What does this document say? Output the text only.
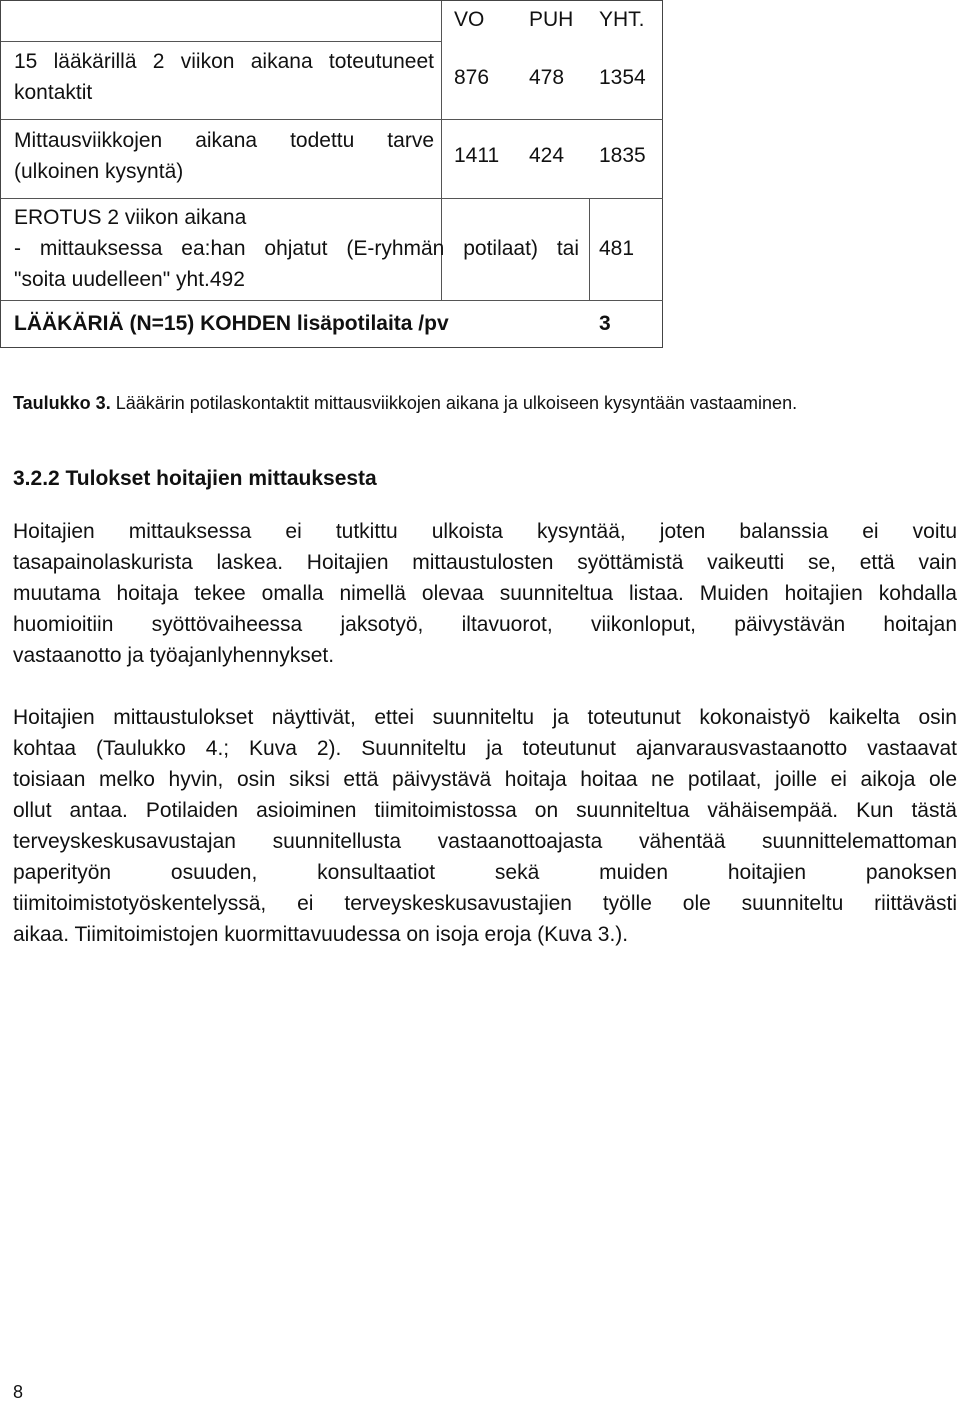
VO PUH YHT.
15 lääkärillä 2 viikon aikana toteutuneet
kontaktit
876 478 1354
Mittausviikkojen aikana todettu tarve
(ulkoinen kysyntä)
1411 424 1835
EROTUS 2 viikon aikana
- mittauksessa ea:han ohjatut (E-ryhmän potilaat) tai
"soita uudelleen" yht.492
481
LÄÄKÄRIÄ (N=15) KOHDEN lisäpotilaita /pv	3
Taulukko 3. Lääkärin potilaskontaktit mittausviikkojen aikana ja ulkoiseen kysyntään vastaaminen.
3.2.2 Tulokset hoitajien mittauksesta
Hoitajien mittauksessa ei tutkittu ulkoista kysyntää, joten balanssia ei voitu
tasapainolaskurista laskea. Hoitajien mittaustulosten syöttämistä vaikeutti se, että vain
muutama hoitaja tekee omalla nimellä olevaa suunniteltua listaa. Muiden hoitajien kohdalla
huomioitiin syöttövaiheessa jaksotyö, iltavuorot, viikonloput, päivystävän hoitajan
vastaanotto ja työajanlyhennykset.
Hoitajien mittaustulokset näyttivät, ettei suunniteltu ja toteutunut kokonaistyö kaikelta osin
kohtaa (Taulukko 4.; Kuva 2). Suunniteltu ja toteutunut ajanvarausvastaanotto vastaavat
toisiaan melko hyvin, osin siksi että päivystävä hoitaja hoitaa ne potilaat, joille ei aikoja ole
ollut antaa. Potilaiden asioiminen tiimitoimistossa on suunniteltua vähäisempää. Kun tästä
terveyskeskusavustajan suunnitellusta vastaanottoajasta vähentää suunnittelemattoman
paperityön osuuden, konsultaatiot sekä muiden hoitajien panoksen
tiimitoimistotyöskentelyssä, ei terveyskeskusavustajien työlle ole suunniteltu riittävästi
aikaa. Tiimitoimistojen kuormittavuudessa on isoja eroja (Kuva 3.).
8
